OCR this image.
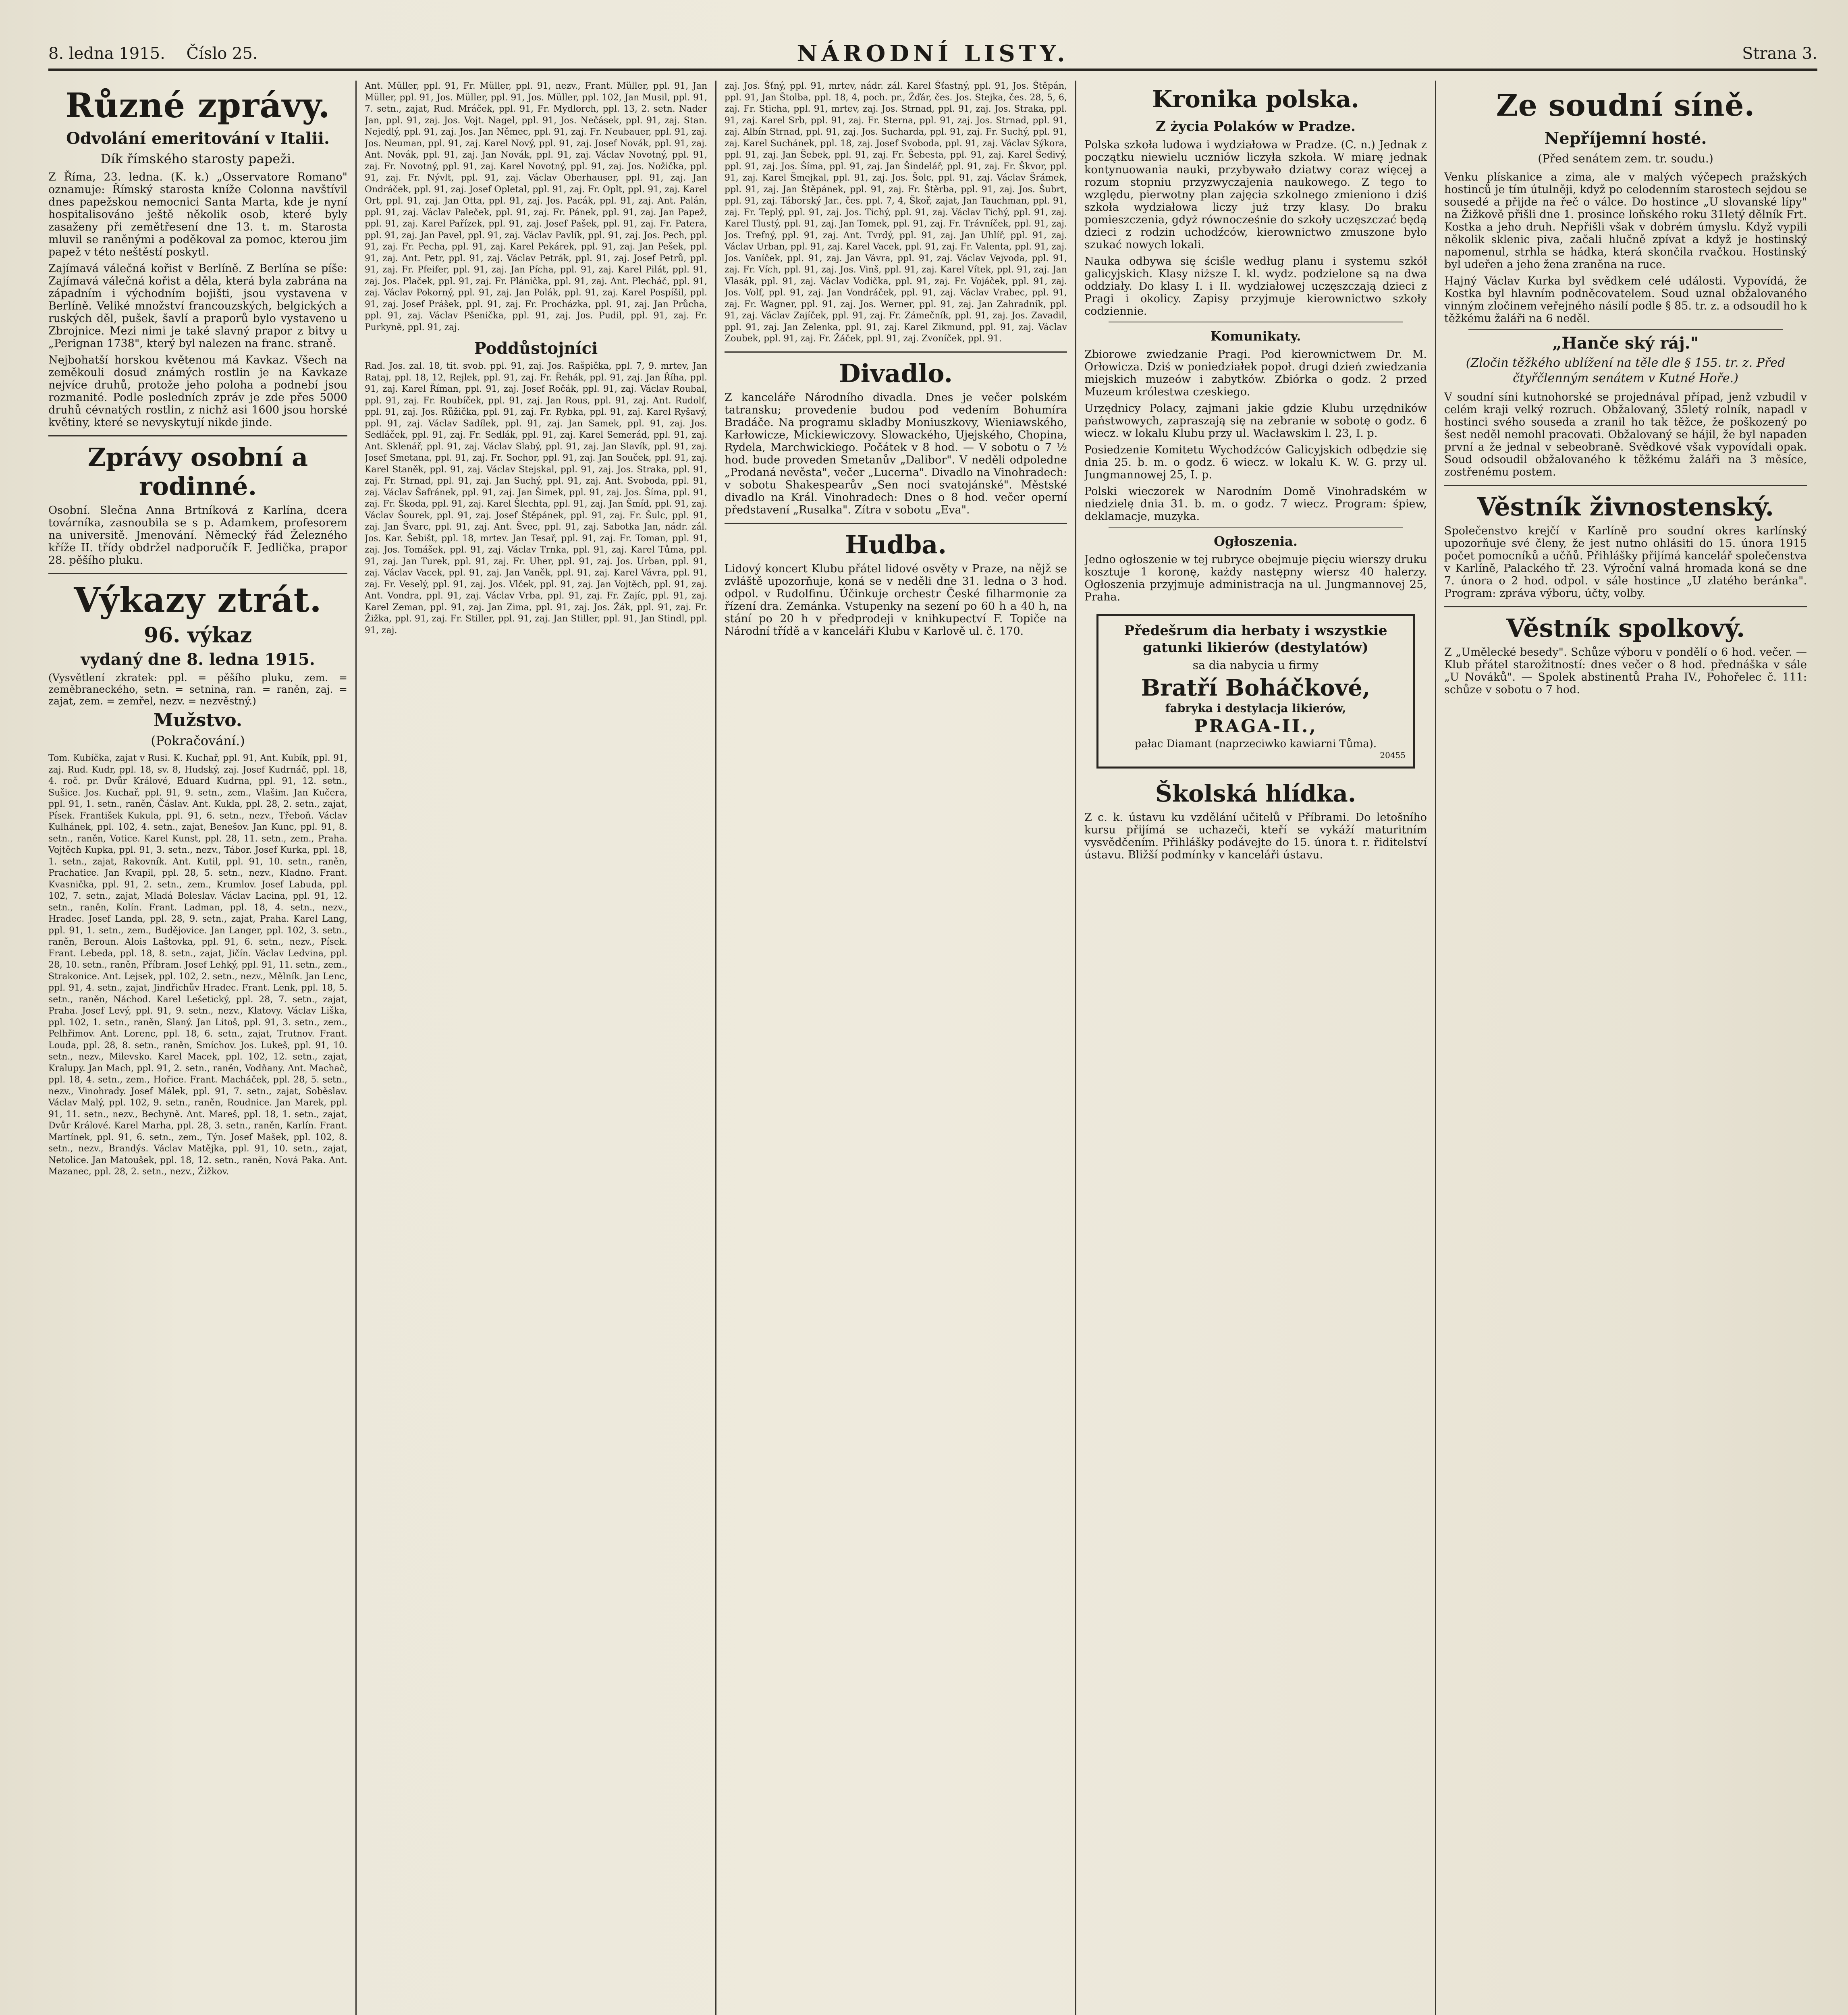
8. ledna 1915. Číslo 25.	NÁRODNÍ LISTY.	Strana 3.
Různé zprávy.
Odvolání emeritování v Italii.
Dík římského starosty papeži.

Z Říma, 23. ledna. (K. k.) „Osservatore Romano" oznamuje: Římský starosta kníže Colonna navštívil dnes papežskou nemocnici Santa Marta, kde je nyní hospitalisováno ještě několik osob, které byly zasaženy při zemětřesení dne 13. t. m. Starosta mluvil se raněnými a poděkoval za pomoc, kterou jim papež v této neštěstí poskytl.

Zajímavá válečná kořist v Berlíně. Z Berlína se píše: Zajímavá válečná kořist a děla, která byla zabrána na západním i východním bojišti, jsou vystavena v Berlíně. Veliké množství francouzských, belgických a ruských děl, pušek, šavlí a praporů bylo vystaveno u Zbrojnice. Mezi nimi je také slavný prapor z bitvy u „Perignan 1738", který byl nalezen na franc. straně.

Nejbohatší horskou květenou má Kavkaz. Všech na zeměkouli dosud známých rostlin je na Kavkaze nejvíce druhů, protože jeho poloha a podnebí jsou rozmanité. Podle posledních zpráv je zde přes 5000 druhů cévnatých rostlin, z nichž asi 1600 jsou horské květiny, které se nevyskytují nikde jinde.

Zprávy osobní a rodinné.

Osobní. Slečna Anna Brtníková z Karlína, dcera továrníka, zasnoubila se s p. Adamkem, profesorem na universitě. Jmenování. Německý řád Železného kříže II. třídy obdržel nadporučík F. Jedlička, prapor 28. pěšího pluku.

Výkazy ztrát.
96. výkaz
vydaný dne 8. ledna 1915.

(Vysvětlení zkratek: ppl. = pěšího pluku, zem. = zeměbraneckého, setn. = setnina, ran. = raněn, zaj. = zajat, zem. = zemřel, nezv. = nezvěstný.)

Mužstvo.
(Pokračování.)
Tom. Kubíčka, zajat v Rusi. K. Kuchař, ppl. 91, Ant. Kubík, ppl. 91, zaj. Rud. Kudr, ppl. 18, sv. 8, Hudský, zaj. Josef Kudrnáč, ppl. 18, 4. roč. pr. Dvůr Králové, Eduard Kudrna, ppl. 91, 12. setn., Sušice. Jos. Kuchař, ppl. 91, 9. setn., zem., Vlašim. Jan Kučera, ppl. 91, 1. setn., raněn, Čáslav. Ant. Kukla, ppl. 28, 2. setn., zajat, Písek. František Kukula, ppl. 91, 6. setn., nezv., Třeboň. Václav Kulhánek, ppl. 102, 4. setn., zajat, Benešov. Jan Kunc, ppl. 91, 8. setn., raněn, Votice. Karel Kunst, ppl. 28, 11. setn., zem., Praha. Vojtěch Kupka, ppl. 91, 3. setn., nezv., Tábor. Josef Kurka, ppl. 18, 1. setn., zajat, Rakovník. Ant. Kutil, ppl. 91, 10. setn., raněn, Prachatice. Jan Kvapil, ppl. 28, 5. setn., nezv., Kladno. Frant. Kvasnička, ppl. 91, 2. setn., zem., Krumlov. Josef Labuda, ppl. 102, 7. setn., zajat, Mladá Boleslav. Václav Lacina, ppl. 91, 12. setn., raněn, Kolín. Frant. Ladman, ppl. 18, 4. setn., nezv., Hradec. Josef Landa, ppl. 28, 9. setn., zajat, Praha. Karel Lang, ppl. 91, 1. setn., zem., Budějovice. Jan Langer, ppl. 102, 3. setn., raněn, Beroun. Alois Laštovka, ppl. 91, 6. setn., nezv., Písek. Frant. Lebeda, ppl. 18, 8. setn., zajat, Jičín. Václav Ledvina, ppl. 28, 10. setn., raněn, Příbram. Josef Lehký, ppl. 91, 11. setn., zem., Strakonice. Ant. Lejsek, ppl. 102, 2. setn., nezv., Mělník. Jan Lenc, ppl. 91, 4. setn., zajat, Jindřichův Hradec. Frant. Lenk, ppl. 18, 5. setn., raněn, Náchod. Karel Lešetický, ppl. 28, 7. setn., zajat, Praha. Josef Levý, ppl. 91, 9. setn., nezv., Klatovy. Václav Liška, ppl. 102, 1. setn., raněn, Slaný. Jan Litoš, ppl. 91, 3. setn., zem., Pelhřimov. Ant. Lorenc, ppl. 18, 6. setn., zajat, Trutnov. Frant. Louda, ppl. 28, 8. setn., raněn, Smíchov. Jos. Lukeš, ppl. 91, 10. setn., nezv., Milevsko. Karel Macek, ppl. 102, 12. setn., zajat, Kralupy. Jan Mach, ppl. 91, 2. setn., raněn, Vodňany. Ant. Machač, ppl. 18, 4. setn., zem., Hořice. Frant. Macháček, ppl. 28, 5. setn., nezv., Vinohrady. Josef Málek, ppl. 91, 7. setn., zajat, Soběslav. Václav Malý, ppl. 102, 9. setn., raněn, Roudnice. Jan Marek, ppl. 91, 11. setn., nezv., Bechyně. Ant. Mareš, ppl. 18, 1. setn., zajat, Dvůr Králové. Karel Marha, ppl. 28, 3. setn., raněn, Karlín. Frant. Martínek, ppl. 91, 6. setn., zem., Týn. Josef Mašek, ppl. 102, 8. setn., nezv., Brandýs. Václav Matějka, ppl. 91, 10. setn., zajat, Netolice. Jan Matoušek, ppl. 18, 12. setn., raněn, Nová Paka. Ant. Mazanec, ppl. 28, 2. setn., nezv., Žižkov.
Ant. Müller, ppl. 91, Fr. Müller, ppl. 91, nezv., Frant. Müller, ppl. 91, Jan Müller, ppl. 91, Jos. Müller, ppl. 91, Jos. Müller, ppl. 102, Jan Musil, ppl. 91, 7. setn., zajat, Rud. Mráček, ppl. 91, Fr. Mydlorch, ppl. 13, 2. setn. Nader Jan, ppl. 91, zaj. Jos. Vojt. Nagel, ppl. 91, Jos. Nečásek, ppl. 91, zaj. Stan. Nejedlý, ppl. 91, zaj. Jos. Jan Němec, ppl. 91, zaj. Fr. Neubauer, ppl. 91, zaj. Jos. Neuman, ppl. 91, zaj. Karel Nový, ppl. 91, zaj. Josef Novák, ppl. 91, zaj. Ant. Novák, ppl. 91, zaj. Jan Novák, ppl. 91, zaj. Václav Novotný, ppl. 91, zaj. Fr. Novotný, ppl. 91, zaj. Karel Novotný, ppl. 91, zaj. Jos. Nožička, ppl. 91, zaj. Fr. Nývlt, ppl. 91, zaj. Václav Oberhauser, ppl. 91, zaj. Jan Ondráček, ppl. 91, zaj. Josef Opletal, ppl. 91, zaj. Fr. Oplt, ppl. 91, zaj. Karel Ort, ppl. 91, zaj. Jan Otta, ppl. 91, zaj. Jos. Pacák, ppl. 91, zaj. Ant. Palán, ppl. 91, zaj. Václav Paleček, ppl. 91, zaj. Fr. Pánek, ppl. 91, zaj. Jan Papež, ppl. 91, zaj. Karel Pařízek, ppl. 91, zaj. Josef Pašek, ppl. 91, zaj. Fr. Patera, ppl. 91, zaj. Jan Pavel, ppl. 91, zaj. Václav Pavlík, ppl. 91, zaj. Jos. Pech, ppl. 91, zaj. Fr. Pecha, ppl. 91, zaj. Karel Pekárek, ppl. 91, zaj. Jan Pešek, ppl. 91, zaj. Ant. Petr, ppl. 91, zaj. Václav Petrák, ppl. 91, zaj. Josef Petrů, ppl. 91, zaj. Fr. Pfeifer, ppl. 91, zaj. Jan Pícha, ppl. 91, zaj. Karel Pilát, ppl. 91, zaj. Jos. Plaček, ppl. 91, zaj. Fr. Plánička, ppl. 91, zaj. Ant. Plecháč, ppl. 91, zaj. Václav Pokorný, ppl. 91, zaj. Jan Polák, ppl. 91, zaj. Karel Pospíšil, ppl. 91, zaj. Josef Prášek, ppl. 91, zaj. Fr. Procházka, ppl. 91, zaj. Jan Průcha, ppl. 91, zaj. Václav Pšenička, ppl. 91, zaj. Jos. Pudil, ppl. 91, zaj. Fr. Purkyně, ppl. 91, zaj.
Poddůstojníci
Rad. Jos. zal. 18, tit. svob. ppl. 91, zaj. Jos. Rašpička, ppl. 7, 9. mrtev, Jan Rataj, ppl. 18, 12, Rejlek, ppl. 91, zaj. Fr. Řehák, ppl. 91, zaj. Jan Říha, ppl. 91, zaj. Karel Říman, ppl. 91, zaj. Josef Ročák, ppl. 91, zaj. Václav Roubal, ppl. 91, zaj. Fr. Roubíček, ppl. 91, zaj. Jan Rous, ppl. 91, zaj. Ant. Rudolf, ppl. 91, zaj. Jos. Růžička, ppl. 91, zaj. Fr. Rybka, ppl. 91, zaj. Karel Ryšavý, ppl. 91, zaj. Václav Sadílek, ppl. 91, zaj. Jan Samek, ppl. 91, zaj. Jos. Sedláček, ppl. 91, zaj. Fr. Sedlák, ppl. 91, zaj. Karel Semerád, ppl. 91, zaj. Ant. Sklenář, ppl. 91, zaj. Václav Slabý, ppl. 91, zaj. Jan Slavík, ppl. 91, zaj. Josef Smetana, ppl. 91, zaj. Fr. Sochor, ppl. 91, zaj. Jan Souček, ppl. 91, zaj. Karel Staněk, ppl. 91, zaj. Václav Stejskal, ppl. 91, zaj. Jos. Straka, ppl. 91, zaj. Fr. Strnad, ppl. 91, zaj. Jan Suchý, ppl. 91, zaj. Ant. Svoboda, ppl. 91, zaj. Václav Šafránek, ppl. 91, zaj. Jan Šimek, ppl. 91, zaj. Jos. Šíma, ppl. 91, zaj. Fr. Škoda, ppl. 91, zaj. Karel Šlechta, ppl. 91, zaj. Jan Šmíd, ppl. 91, zaj. Václav Šourek, ppl. 91, zaj. Josef Štěpánek, ppl. 91, zaj. Fr. Šulc, ppl. 91, zaj. Jan Švarc, ppl. 91, zaj. Ant. Švec, ppl. 91, zaj. Sabotka Jan, nádr. zál. Jos. Kar. Šebišt, ppl. 18, mrtev. Jan Tesař, ppl. 91, zaj. Fr. Toman, ppl. 91, zaj. Jos. Tomášek, ppl. 91, zaj. Václav Trnka, ppl. 91, zaj. Karel Tůma, ppl. 91, zaj. Jan Turek, ppl. 91, zaj. Fr. Uher, ppl. 91, zaj. Jos. Urban, ppl. 91, zaj. Václav Vacek, ppl. 91, zaj. Jan Vaněk, ppl. 91, zaj. Karel Vávra, ppl. 91, zaj. Fr. Veselý, ppl. 91, zaj. Jos. Vlček, ppl. 91, zaj. Jan Vojtěch, ppl. 91, zaj. Ant. Vondra, ppl. 91, zaj. Václav Vrba, ppl. 91, zaj. Fr. Zajíc, ppl. 91, zaj. Karel Zeman, ppl. 91, zaj. Jan Zima, ppl. 91, zaj. Jos. Žák, ppl. 91, zaj. Fr. Žižka, ppl. 91, zaj. Fr. Stiller, ppl. 91, zaj. Jan Stiller, ppl. 91, Jan Stindl, ppl. 91, zaj.
zaj. Jos. Šťný, ppl. 91, mrtev, nádr. zál. Karel Šťastný, ppl. 91, Jos. Štěpán, ppl. 91, Jan Štolba, ppl. 18, 4, poch. pr., Žďár, čes. Jos. Stejka, čes. 28, 5, 6, zaj. Fr. Sticha, ppl. 91, mrtev, zaj. Jos. Strnad, ppl. 91, zaj. Jos. Straka, ppl. 91, zaj. Karel Srb, ppl. 91, zaj. Fr. Sterna, ppl. 91, zaj. Jos. Strnad, ppl. 91, zaj. Albín Strnad, ppl. 91, zaj. Jos. Sucharda, ppl. 91, zaj. Fr. Suchý, ppl. 91, zaj. Karel Suchánek, ppl. 18, zaj. Josef Svoboda, ppl. 91, zaj. Václav Sýkora, ppl. 91, zaj. Jan Šebek, ppl. 91, zaj. Fr. Šebesta, ppl. 91, zaj. Karel Šedivý, ppl. 91, zaj. Jos. Šíma, ppl. 91, zaj. Jan Šindelář, ppl. 91, zaj. Fr. Škvor, ppl. 91, zaj. Karel Šmejkal, ppl. 91, zaj. Jos. Šolc, ppl. 91, zaj. Václav Šrámek, ppl. 91, zaj. Jan Štěpánek, ppl. 91, zaj. Fr. Štěrba, ppl. 91, zaj. Jos. Šubrt, ppl. 91, zaj. Táborský Jar., čes. ppl. 7, 4, Škoř, zajat, Jan Tauchman, ppl. 91, zaj. Fr. Teplý, ppl. 91, zaj. Jos. Tichý, ppl. 91, zaj. Václav Tichý, ppl. 91, zaj. Karel Tlustý, ppl. 91, zaj. Jan Tomek, ppl. 91, zaj. Fr. Trávníček, ppl. 91, zaj. Jos. Trefný, ppl. 91, zaj. Ant. Tvrdý, ppl. 91, zaj. Jan Uhlíř, ppl. 91, zaj. Václav Urban, ppl. 91, zaj. Karel Vacek, ppl. 91, zaj. Fr. Valenta, ppl. 91, zaj. Jos. Vaníček, ppl. 91, zaj. Jan Vávra, ppl. 91, zaj. Václav Vejvoda, ppl. 91, zaj. Fr. Vích, ppl. 91, zaj. Jos. Vinš, ppl. 91, zaj. Karel Vítek, ppl. 91, zaj. Jan Vlasák, ppl. 91, zaj. Václav Vodička, ppl. 91, zaj. Fr. Vojáček, ppl. 91, zaj. Jos. Volf, ppl. 91, zaj. Jan Vondráček, ppl. 91, zaj. Václav Vrabec, ppl. 91, zaj. Fr. Wagner, ppl. 91, zaj. Jos. Werner, ppl. 91, zaj. Jan Zahradník, ppl. 91, zaj. Václav Zajíček, ppl. 91, zaj. Fr. Zámečník, ppl. 91, zaj. Jos. Zavadil, ppl. 91, zaj. Jan Zelenka, ppl. 91, zaj. Karel Zikmund, ppl. 91, zaj. Václav Zoubek, ppl. 91, zaj. Fr. Žáček, ppl. 91, zaj. Zvoníček, ppl. 91.
Divadlo.

Z kanceláře Národního divadla. Dnes je večer polském tatransku; provedenie budou pod vedením Bohumíra Bradáče. Na programu skladby Moniuszkovy, Wieniawského, Karłowicze, Mickiewiczovy. Slowackého, Ujejského, Chopina, Rydela, Marchwickiego. Počátek v 8 hod. — V sobotu o 7 ½ hod. bude proveden Smetanův „Dalibor". V neděli odpoledne „Prodaná nevěsta", večer „Lucerna". Divadlo na Vinohradech: v sobotu Shakespearův „Sen noci svatojánské". Městské divadlo na Král. Vinohradech: Dnes o 8 hod. večer operní představení „Rusalka". Zítra v sobotu „Eva".

Hudba.

Lidový koncert Klubu přátel lidové osvěty v Praze, na nějž se zvláště upozorňuje, koná se v neděli dne 31. ledna o 3 hod. odpol. v Rudolfinu. Účinkuje orchestr České filharmonie za řízení dra. Zemánka. Vstupenky na sezení po 60 h a 40 h, na stání po 20 h v předprodeji v knihkupectví F. Topiče na Národní třídě a v kanceláři Klubu v Karlově ul. č. 170.

Kronika polska.
Z życia Polaków w Pradze.

Polska szkoła ludowa i wydziałowa w Pradze. (C. n.) Jednak z początku niewielu uczniów liczyła szkoła. W miarę jednak kontynuowania nauki, przybywało dziatwy coraz więcej a rozum stopniu przyzwyczajenia naukowego. Z tego to względu, pierwotny plan zajęcia szkolnego zmieniono i dziś szkoła wydziałowa liczy już trzy klasy. Do braku pomieszczenia, gdyż równocześnie do szkoły uczęszczać będą dzieci z rodzin uchodźców, kierownictwo zmuszone było szukać nowych lokali.

Nauka odbywa się ściśle według planu i systemu szkół galicyjskich. Klasy niższe I. kl. wydz. podzielone są na dwa oddziały. Do klasy I. i II. wydziałowej uczęszczają dzieci z Pragi i okolicy. Zapisy przyjmuje kierownictwo szkoły codziennie.

Komunikaty.

Zbiorowe zwiedzanie Pragi. Pod kierownictwem Dr. M. Orłowicza. Dziś w poniedziałek popoł. drugi dzień zwiedzania miejskich muzeów i zabytków. Zbiórka o godz. 2 przed Muzeum królestwa czeskiego.

Urzędnicy Polacy, zajmani jakie gdzie Klubu urzędników państwowych, zapraszają się na zebranie w sobotę o godz. 6 wiecz. w lokalu Klubu przy ul. Wacławskim l. 23, I. p.

Posiedzenie Komitetu Wychodźców Galicyjskich odbędzie się dnia 25. b. m. o godz. 6 wiecz. w lokalu K. W. G. przy ul. Jungmannowej 25, I. p.

Polski wieczorek w Narodním Domě Vinohradském w niedzielę dnia 31. b. m. o godz. 7 wiecz. Program: śpiew, deklamacje, muzyka.

Ogłoszenia.

Jedno ogłoszenie w tej rubryce obejmuje pięciu wierszy druku kosztuje 1 koronę, każdy następny wiersz 40 halerzy. Ogłoszenia przyjmuje administracja na ul. Jungmannovej 25, Praha.

Předešrum dia herbaty i wszystkie
gatunki likierów (destylatów)
sa dia nabycia u firmy
Bratří Boháčkové,
fabryka i destylacja likierów,
PRAGA-II.,
pałac Diamant (naprzeciwko kawiarni Tůma).
20455
Školská hlídka.

Z c. k. ústavu ku vzdělání učitelů v Příbrami. Do letošního kursu přijímá se uchazeči, kteří se vykáží maturitním vysvědčením. Přihlášky podávejte do 15. února t. r. řiditelství ústavu. Bližší podmínky v kanceláři ústavu.

Ze soudní síně.
Nepříjemní hosté.
(Před senátem zem. tr. soudu.)

Venku plískanice a zima, ale v malých výčepech pražských hostinců je tím útulněji, když po celodenním starostech sejdou se sousedé a přijde na řeč o válce. Do hostince „U slovanské lípy" na Žižkově přišli dne 1. prosince loňského roku 31letý dělník Frt. Kostka a jeho druh. Nepřišli však v dobrém úmyslu. Když vypili několik sklenic piva, začali hlučně zpívat a když je hostinský napomenul, strhla se hádka, která skončila rvačkou. Hostinský byl udeřen a jeho žena zraněna na ruce.

Hajný Václav Kurka byl svědkem celé události. Vypovídá, že Kostka byl hlavním podněcovatelem. Soud uznal obžalovaného vinným zločinem veřejného násilí podle § 85. tr. z. a odsoudil ho k těžkému žaláři na 6 neděl.

„Hanče ský ráj."
(Zločin těžkého ublížení na těle dle § 155. tr. z. Před čtyřčlenným senátem v Kutné Hoře.)

V soudní síni kutnohorské se projednával případ, jenž vzbudil v celém kraji velký rozruch. Obžalovaný, 35letý rolník, napadl v hostinci svého souseda a zranil ho tak těžce, že poškozený po šest neděl nemohl pracovati. Obžalovaný se hájil, že byl napaden první a že jednal v sebeobraně. Svědkové však vypovídali opak. Soud odsoudil obžalovaného k těžkému žaláři na 3 měsíce, zostřenému postem.

Věstník živnostenský.

Společenstvo krejčí v Karlíně pro soudní okres karlínský upozorňuje své členy, že jest nutno ohlásiti do 15. února 1915 počet pomocníků a učňů. Přihlášky přijímá kancelář společenstva v Karlíně, Palackého tř. 23. Výroční valná hromada koná se dne 7. února o 2 hod. odpol. v sále hostince „U zlatého beránka". Program: zpráva výboru, účty, volby.

Věstník spolkový.

Z „Umělecké besedy". Schůze výboru v pondělí o 6 hod. večer. — Klub přátel starožitností: dnes večer o 8 hod. přednáška v sále „U Nováků". — Spolek abstinentů Praha IV., Pohořelec č. 111: schůze v sobotu o 7 hod.
